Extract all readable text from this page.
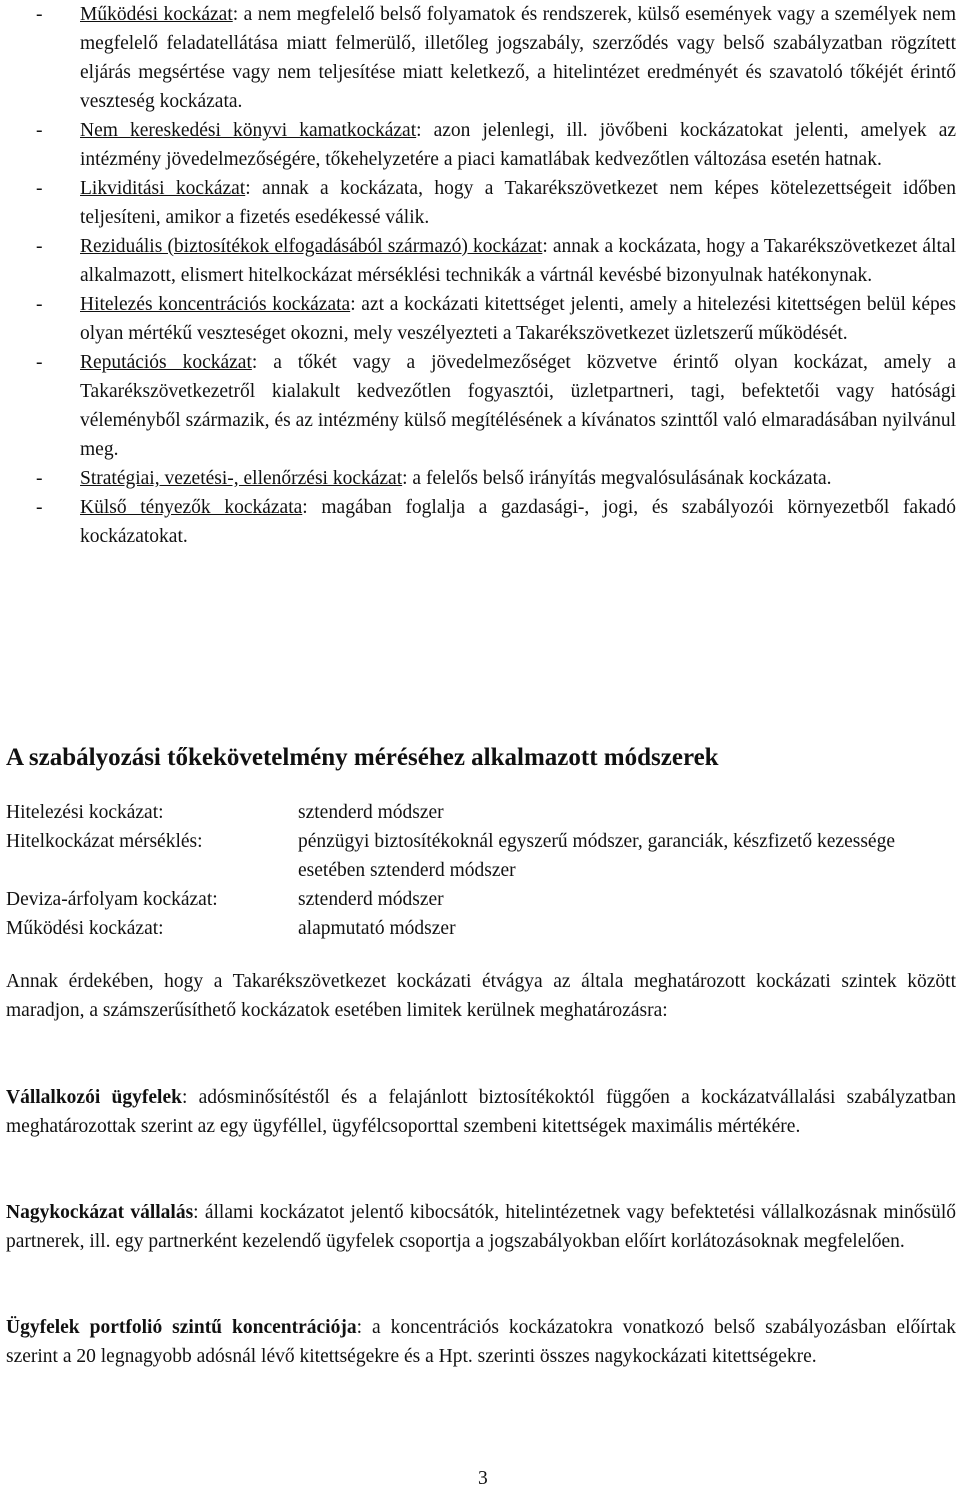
- Működési kockázat: a nem megfelelő belső folyamatok és rendszerek, külső események vagy a személyek nem megfelelő feladatellátása miatt felmerülő, illetőleg jogszabály, szerződés vagy belső szabályzatban rögzített eljárás megsértése vagy nem teljesítése miatt keletkező, a hitelintézet eredményét és szavatoló tőkéjét érintő veszteség kockázata.
- Nem kereskedési könyvi kamatkockázat: azon jelenlegi, ill. jövőbeni kockázatokat jelenti, amelyek az intézmény jövedelmezőségére, tőkehelyzetére a piaci kamatlábak kedvezőtlen változása esetén hatnak.
- Likviditási kockázat: annak a kockázata, hogy a Takarékszövetkezet nem képes kötelezettségeit időben teljesíteni, amikor a fizetés esedékessé válik.
- Reziduális (biztosítékok elfogadásából származó) kockázat: annak a kockázata, hogy a Takarékszövetkezet által alkalmazott, elismert hitelkockázat mérséklési technikák a vártnál kevésbé bizonyulnak hatékonynak.
- Hitelezés koncentrációs kockázata: azt a kockázati kitettséget jelenti, amely a hitelezési kitettségen belül képes olyan mértékű veszteséget okozni, mely veszélyezteti a Takarékszövetkezet üzletszerű működését.
- Reputációs kockázat: a tőkét vagy a jövedelmezőséget közvetve érintő olyan kockázat, amely a Takarékszövetkezetről kialakult kedvezőtlen fogyasztói, üzletpartneri, tagi, befektetői vagy hatósági véleményből származik, és az intézmény külső megítélésének a kívánatos szinttől való elmaradásában nyilvánul meg.
- Stratégiai, vezetési-, ellenőrzési kockázat: a felelős belső irányítás megvalósulásának kockázata.
- Külső tényezők kockázata: magában foglalja a gazdasági-, jogi, és szabályozói környezetből fakadó kockázatokat.
A szabályozási tőkekövetelmény méréséhez alkalmazott módszerek
Hitelezési kockázat:	sztenderd módszer
Hitelkockázat mérséklés:	pénzügyi biztosítékoknál egyszerű módszer, garanciák, készfizető kezessége esetében sztenderd módszer
Deviza-árfolyam kockázat:	sztenderd módszer
Működési kockázat:	alapmutató módszer

Annak érdekében, hogy a Takarékszövetkezet kockázati étvágya az általa meghatározott kockázati szintek között maradjon, a számszerűsíthető kockázatok esetében limitek kerülnek meghatározásra:

Vállalkozói ügyfelek: adósminősítéstől és a felajánlott biztosítékoktól függően a kockázatvállalási szabályzatban meghatározottak szerint az egy ügyféllel, ügyfélcsoporttal szembeni kitettségek maximális mértékére.

Nagykockázat vállalás: állami kockázatot jelentő kibocsátók, hitelintézetnek vagy befektetési vállalkozásnak minősülő partnerek, ill. egy partnerként kezelendő ügyfelek csoportja a jogszabályokban előírt korlátozásoknak megfelelően.

Ügyfelek portfolió szintű koncentrációja: a koncentrációs kockázatokra vonatkozó belső szabályozásban előírtak szerint a 20 legnagyobb adósnál lévő kitettségekre és a Hpt. szerinti összes nagykockázati kitettségekre.

3
